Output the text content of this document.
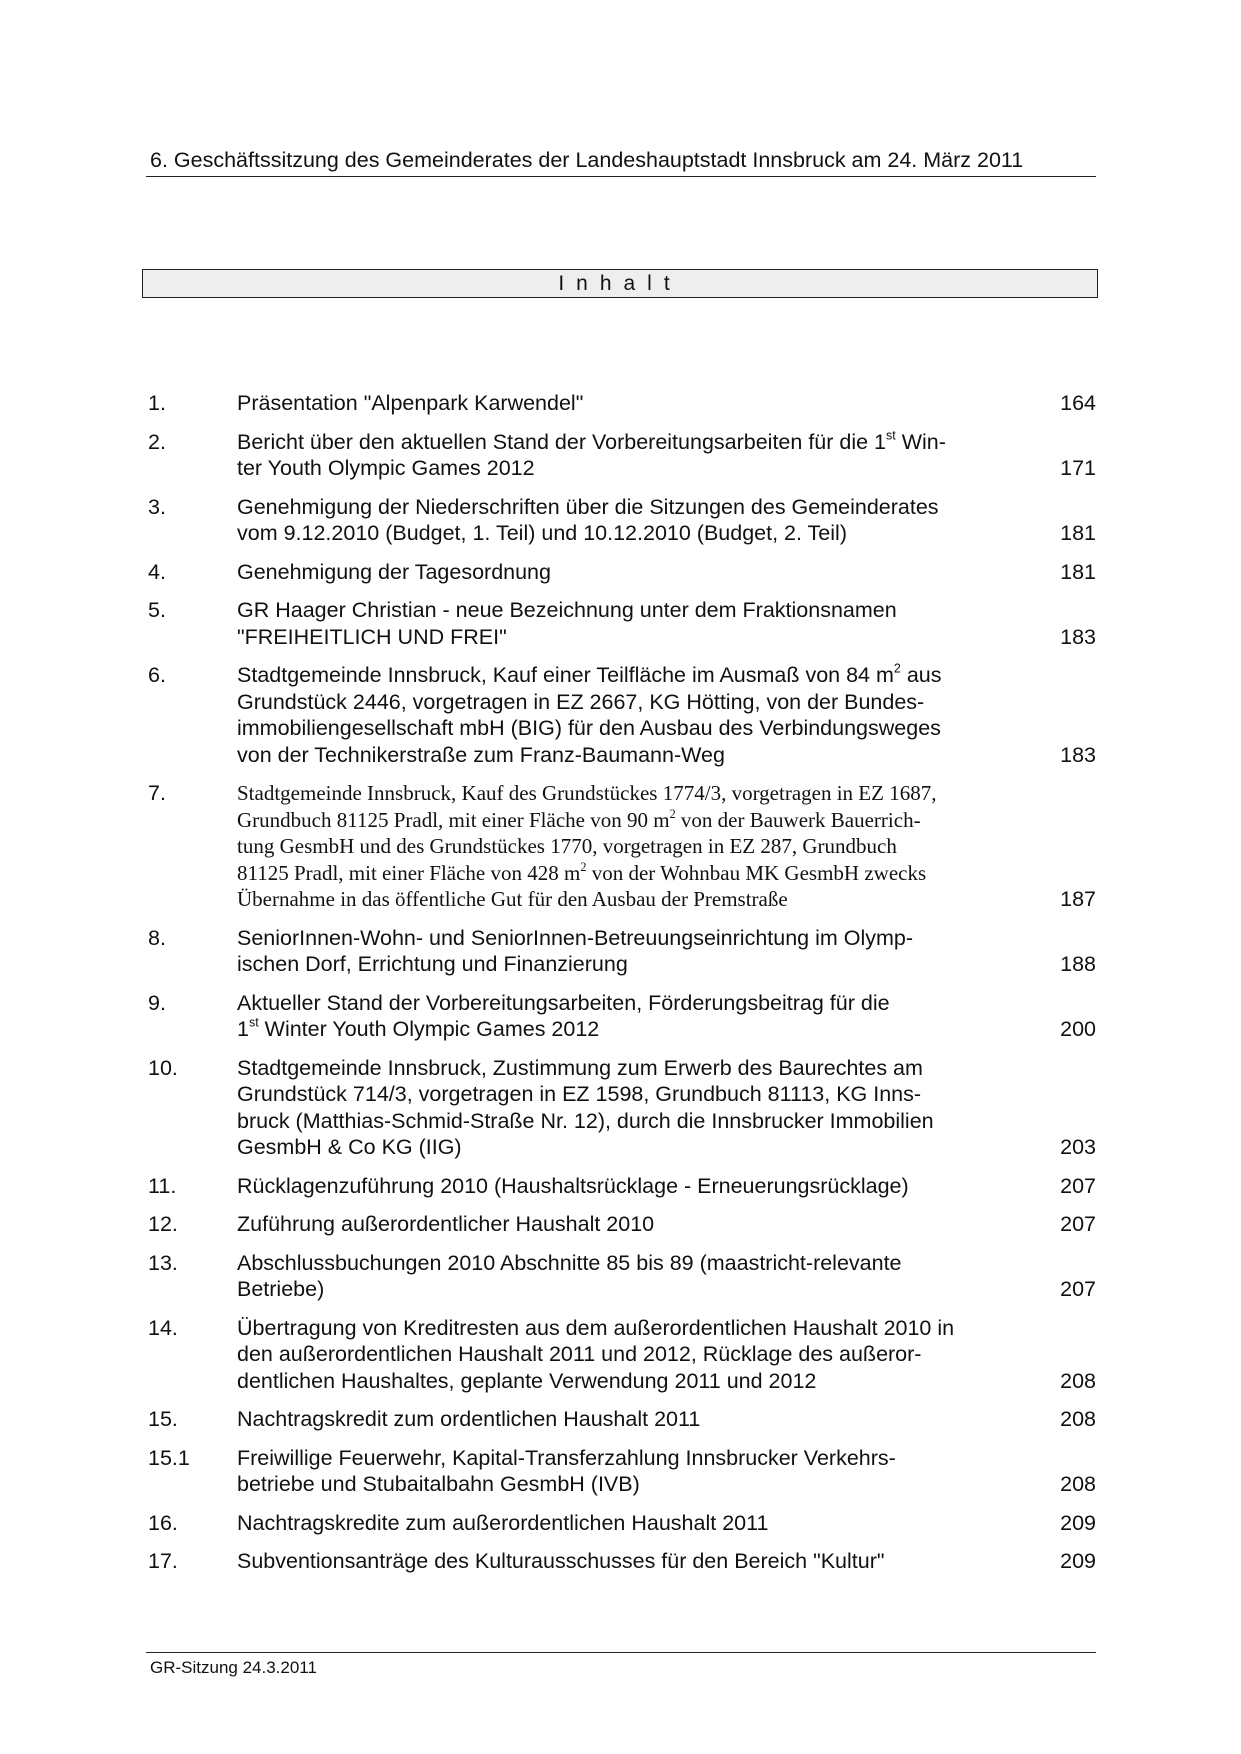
6. Geschäftssitzung des Gemeinderates der Landeshauptstadt Innsbruck am 24. März 2011
Inhalt
1.	Präsentation "Alpenpark Karwendel"	164
2.	Bericht über den aktuellen Stand der Vorbereitungsarbeiten für die 1st Win-
ter Youth Olympic Games 2012	171
3.	Genehmigung der Niederschriften über die Sitzungen des Gemeinderates
vom 9.12.2010 (Budget, 1. Teil) und 10.12.2010 (Budget, 2. Teil)	181
4.	Genehmigung der Tagesordnung	181
5.	GR Haager Christian - neue Bezeichnung unter dem Fraktionsnamen
"FREIHEITLICH UND FREI"	183
6.	Stadtgemeinde Innsbruck, Kauf einer Teilfläche im Ausmaß von 84 $m^2$ aus
Grundstück 2446, vorgetragen in EZ 2667, KG Hötting, von der Bundes-
immobiliengesellschaft mbH (BIG) für den Ausbau des Verbindungsweges
von der Technikerstraße zum Franz-Baumann-Weg	183
7.	Stadtgemeinde Innsbruck, Kauf des Grundstückes 1774/3, vorgetragen in EZ 1687,
Grundbuch 81125 Pradl, mit einer Fläche von 90 $m^2$ von der Bauwerk Bauerrich-
tung GesmbH und des Grundstückes 1770, vorgetragen in EZ 287, Grundbuch
81125 Pradl, mit einer Fläche von 428 $m^2$ von der Wohnbau MK GesmbH zwecks
Übernahme in das öffentliche Gut für den Ausbau der Premstraße	187
8.	SeniorInnen-Wohn- und SeniorInnen-Betreuungseinrichtung im Olymp-
ischen Dorf, Errichtung und Finanzierung	188
9.	Aktueller Stand der Vorbereitungsarbeiten, Förderungsbeitrag für die
1st Winter Youth Olympic Games 2012	200
10.	Stadtgemeinde Innsbruck, Zustimmung zum Erwerb des Baurechtes am
Grundstück 714/3, vorgetragen in EZ 1598, Grundbuch 81113, KG Inns-
bruck (Matthias-Schmid-Straße Nr. 12), durch die Innsbrucker Immobilien
GesmbH & Co KG (IIG)	203
11.	Rücklagenzuführung 2010 (Haushaltsrücklage - Erneuerungsrücklage)	207
12.	Zuführung außerordentlicher Haushalt 2010	207
13.	Abschlussbuchungen 2010 Abschnitte 85 bis 89 (maastricht-relevante
Betriebe)	207
14.	Übertragung von Kreditresten aus dem außerordentlichen Haushalt 2010 in
den außerordentlichen Haushalt 2011 und 2012, Rücklage des außeror-
dentlichen Haushaltes, geplante Verwendung 2011 und 2012	208
15.	Nachtragskredit zum ordentlichen Haushalt 2011	208
15.1 Freiwillige Feuerwehr, Kapital-Transferzahlung Innsbrucker Verkehrs-
betriebe und Stubaitalbahn GesmbH (IVB)	208
16.	Nachtragskredite zum außerordentlichen Haushalt 2011	209
17.	Subventionsanträge des Kulturausschusses für den Bereich "Kultur"	209
GR-Sitzung 24.3.2011
